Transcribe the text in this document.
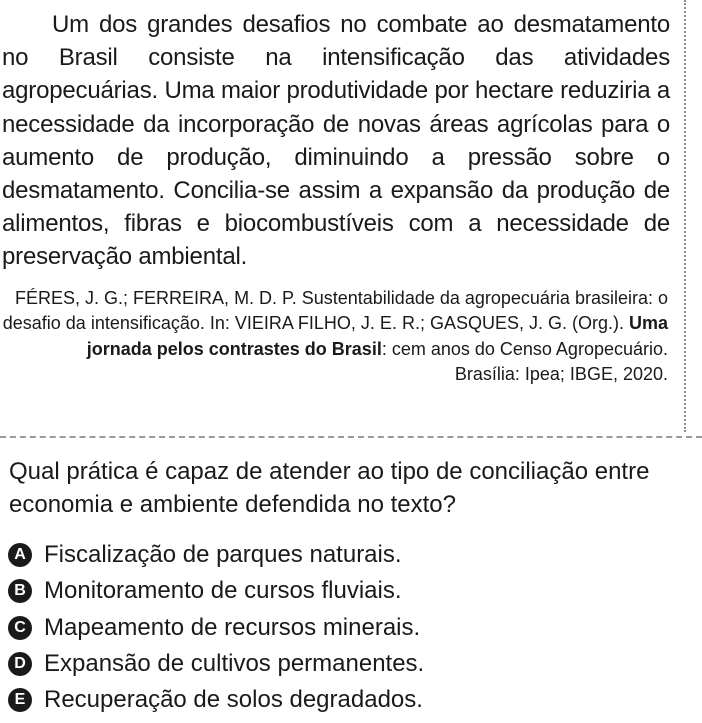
Um dos grandes desafios no combate ao desmatamento no Brasil consiste na intensificação das atividades agropecuárias. Uma maior produtividade por hectare reduziria a necessidade da incorporação de novas áreas agrícolas para o aumento de produção, diminuindo a pressão sobre o desmatamento. Concilia-se assim a expansão da produção de alimentos, fibras e biocombustíveis com a necessidade de preservação ambiental.

FÉRES, J. G.; FERREIRA, M. D. P. Sustentabilidade da agropecuária brasileira: o desafio da intensificação. In: VIEIRA FILHO, J. E. R.; GASQUES, J. G. (Org.). Uma jornada pelos contrastes do Brasil: cem anos do Censo Agropecuário.
Brasília: Ipea; IBGE, 2020.

Qual prática é capaz de atender ao tipo de conciliação entre economia e ambiente defendida no texto?
A Fiscalização de parques naturais.
B Monitoramento de cursos fluviais.
C Mapeamento de recursos minerais.
D Expansão de cultivos permanentes.
E Recuperação de solos degradados.
